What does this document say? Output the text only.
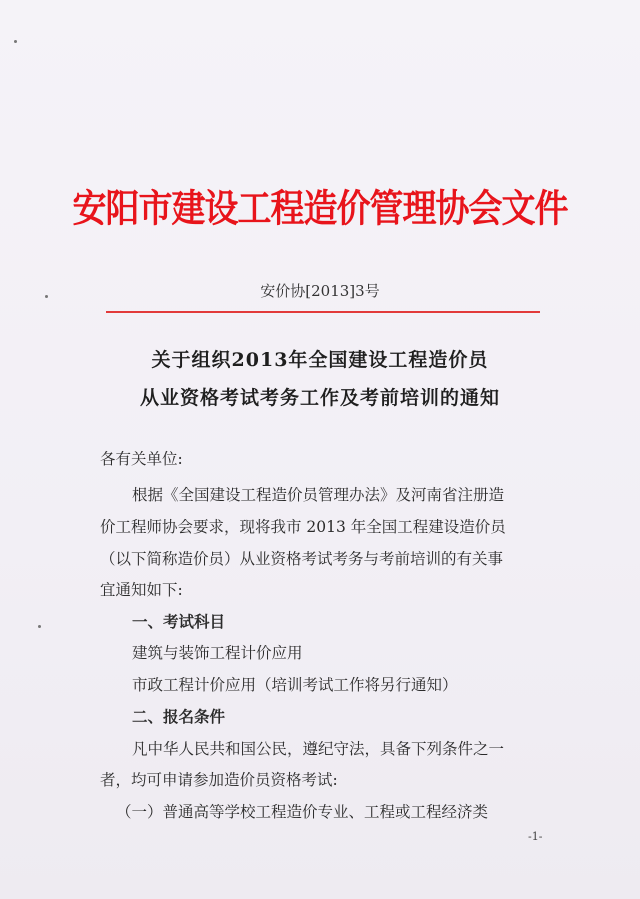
安阳市建设工程造价管理协会文件
安价协[2013]3号
关于组织2013年全国建设工程造价员
从业资格考试考务工作及考前培训的通知
各有关单位:
根据《全国建设工程造价员管理办法》及河南省注册造
价工程师协会要求，现将我市 2013 年全国工程建设造价员
（以下简称造价员）从业资格考试考务与考前培训的有关事
宜通知如下:
一、考试科目
建筑与装饰工程计价应用
市政工程计价应用（培训考试工作将另行通知）
二、报名条件
凡中华人民共和国公民，遵纪守法，具备下列条件之一
者，均可申请参加造价员资格考试:
（一）普通高等学校工程造价专业、工程或工程经济类
-1-
